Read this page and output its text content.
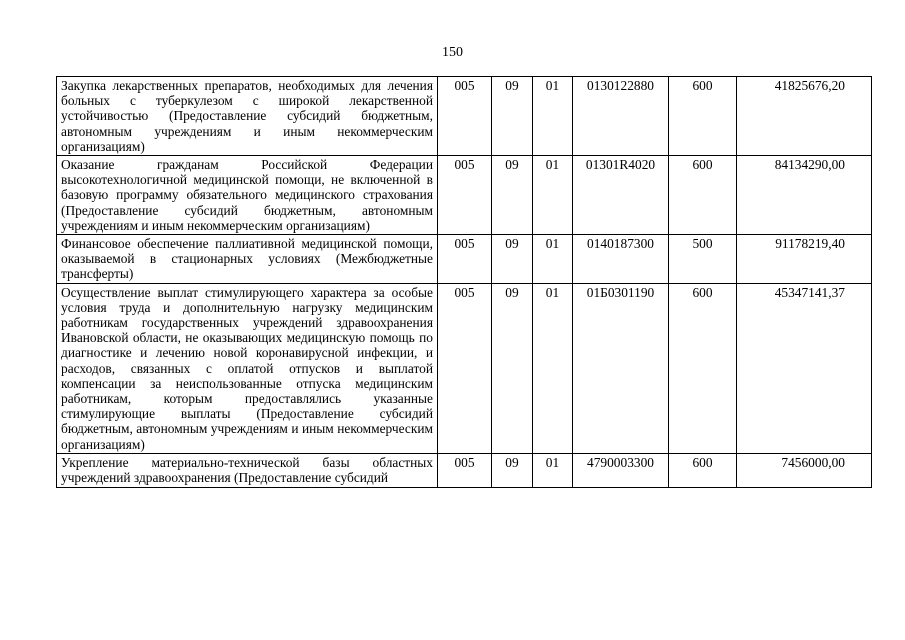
150
Закупка лекарственных препаратов, необходимых для лечения больных с туберкулезом с широкой лекарственной устойчивостью (Предоставление субсидий бюджетным, автономным учреждениям и иным некоммерческим организациям)	005	09	01	0130122880	600	41825676,20
Оказание гражданам Российской Федерации высокотехнологичной медицинской помощи, не включенной в базовую программу обязательного медицинского страхования (Предоставление субсидий бюджетным, автономным учреждениям и иным некоммерческим организациям)	005	09	01	01301R4020	600	84134290,00
Финансовое обеспечение паллиативной медицинской помощи, оказываемой в стационарных условиях (Межбюджетные трансферты)	005	09	01	0140187300	500	91178219,40
Осуществление выплат стимулирующего характера за особые условия труда и дополнительную нагрузку медицинским работникам государственных учреждений здравоохранения Ивановской области, не оказывающих медицинскую помощь по диагностике и лечению новой коронавирусной инфекции, и расходов, связанных с оплатой отпусков и выплатой компенсации за неиспользованные отпуска медицинским работникам, которым предоставлялись указанные стимулирующие выплаты (Предоставление субсидий бюджетным, автономным учреждениям и иным некоммерческим организациям)	005	09	01	01Б0301190	600	45347141,37
Укрепление материально-технической базы областных учреждений здравоохранения (Предоставление субсидий	005	09	01	4790003300	600	7456000,00
